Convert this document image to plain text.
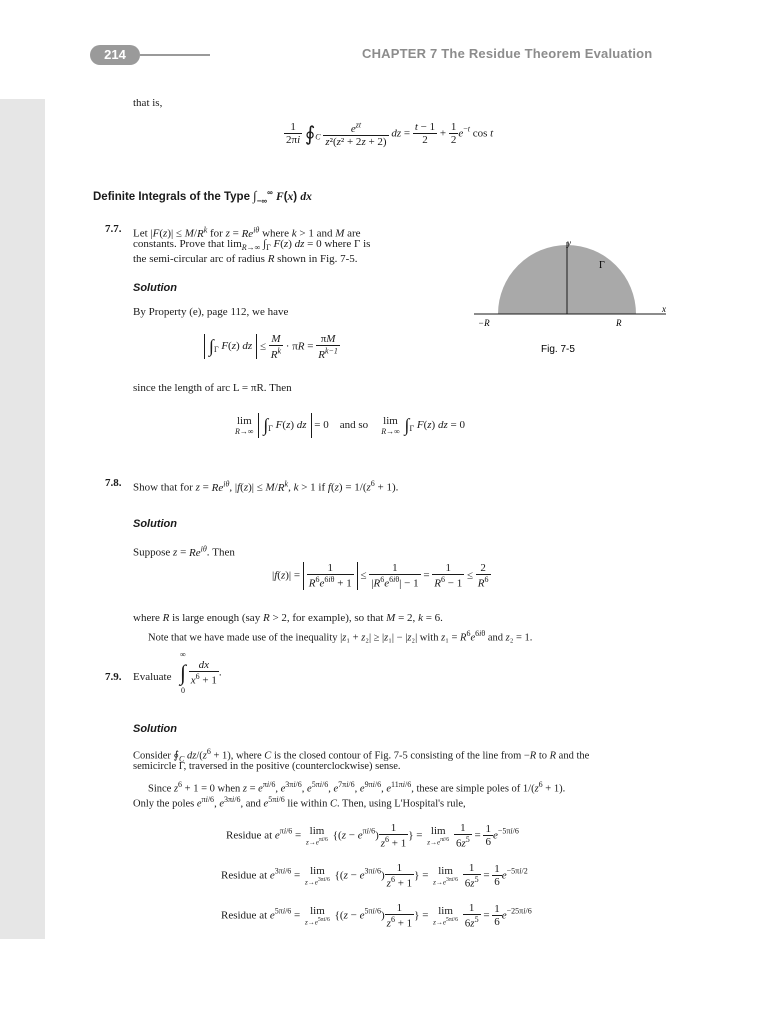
214	CHAPTER 7 The Residue Theorem Evaluation
that is,
$\frac{1}{2\pi i}$ $∮_C \frac{e^{zt}}{\text{z²(z² + 2z + 2)}}$ dz = $\frac{t - 1}{2} + \frac{1}{2} e^{-t}$ cos t
Definite Integrals of the Type $\int_{-\infty}^\infty$ F(x) dx
7.7. Let $|F(z)| \le M/R^k$ for $z = Re^{i\theta}$ where k > 1 and M are
constants. Prove that $\lim_{R\to\infty} \int_\Gamma$ F(z) dz = 0 where Γ is
the semi-circular arc of radius R shown in Fig. 7-5.
y
x
Γ
−R	R
Fig. 7-5
Solution
By Property (e), page 112, we have
$\int_\Gamma$ F(z) dz ≤ $\frac{M}{R^k} \cdot \pi R = \frac{\pi M}{R^{k-1}}$
since the length of arc L = πR. Then
lim
R→∞ $\int_\Gamma$ F(z) dz = 0    and so	lim
R→∞ $\int_\Gamma$ F(z) dz = 0
7.8. Show that for $z = Re^{i\theta}$, $|f(z)| \le M/R^k$, k > 1 if $f(z) = 1/(z^6 + 1)$.
Solution
Suppose $z = Re^{i\theta}$. Then
$|f(z)| = \frac{1}{R^6e^{6i\theta} + 1} \le \frac{1}{|R^6e^{6i\theta}| - 1} = \frac{1}{R^6 - 1} \le \frac{2}{R^6}$
where R is large enough (say R > 2, for example), so that M = 2, k = 6.
Note that we have made use of the inequality |z₁ + z₂| ≥ |z₁| − |z₂| with $z_1 = R^6e^{6i\theta}$ and z₂ = 1.
7.9. Evaluate
∞
∫
0

$\frac{dx}{x^6 + 1}$ .
Solution
Consider $∮_C$ $dz/(z^6 + 1)$, where C is the closed contour of Fig. 7-5 consisting of the line from −R to R and the
semicircle Γ, traversed in the positive (counterclockwise) sense.
Since $z^6 + 1 = 0$ when $z = e^{\pi i/6}$, $e^{3\pi i/6}$, $e^{5\pi i/6}$, $e^{7\pi i/6}$, $e^{9\pi i/6}$, $e^{11\pi i/6}$, these are simple poles of $1/(z^6 + 1)$.
Only the poles $e^{\pi i/6}$, $e^{3\pi i/6}$, and $e^{5\pi i/6}$ lie within C. Then, using L'Hospital's rule,
Residue at $e^{\pi i/6} = \lim$
$z\to e^{\pi i/6}$ {$(z - e^{\pi i/6}) \frac{1}{z^6 + 1}$ } = lim
$z\to e^{\pi i/6}$
$\frac{1}{6z^5} = \frac{1}{6} e^{-5\pi i/6}$
Residue at $e^{3\pi i/6} = \lim$
$z\to e^{3\pi i/6}$ {$(z - e^{3\pi i/6}) \frac{1}{z^6 + 1}$ } = lim
$z\to e^{3\pi i/6}$
$\frac{1}{6z^5} = \frac{1}{6} e^{-5\pi i/2}$
Residue at $e^{5\pi i/6} = \lim$
$z\to e^{5\pi i/6}$ {$(z - e^{5\pi i/6}) \frac{1}{z^6 + 1}$ } = lim
$z\to e^{5\pi i/6}$
$\frac{1}{6z^5} = \frac{1}{6} e^{-25\pi i/6}$
